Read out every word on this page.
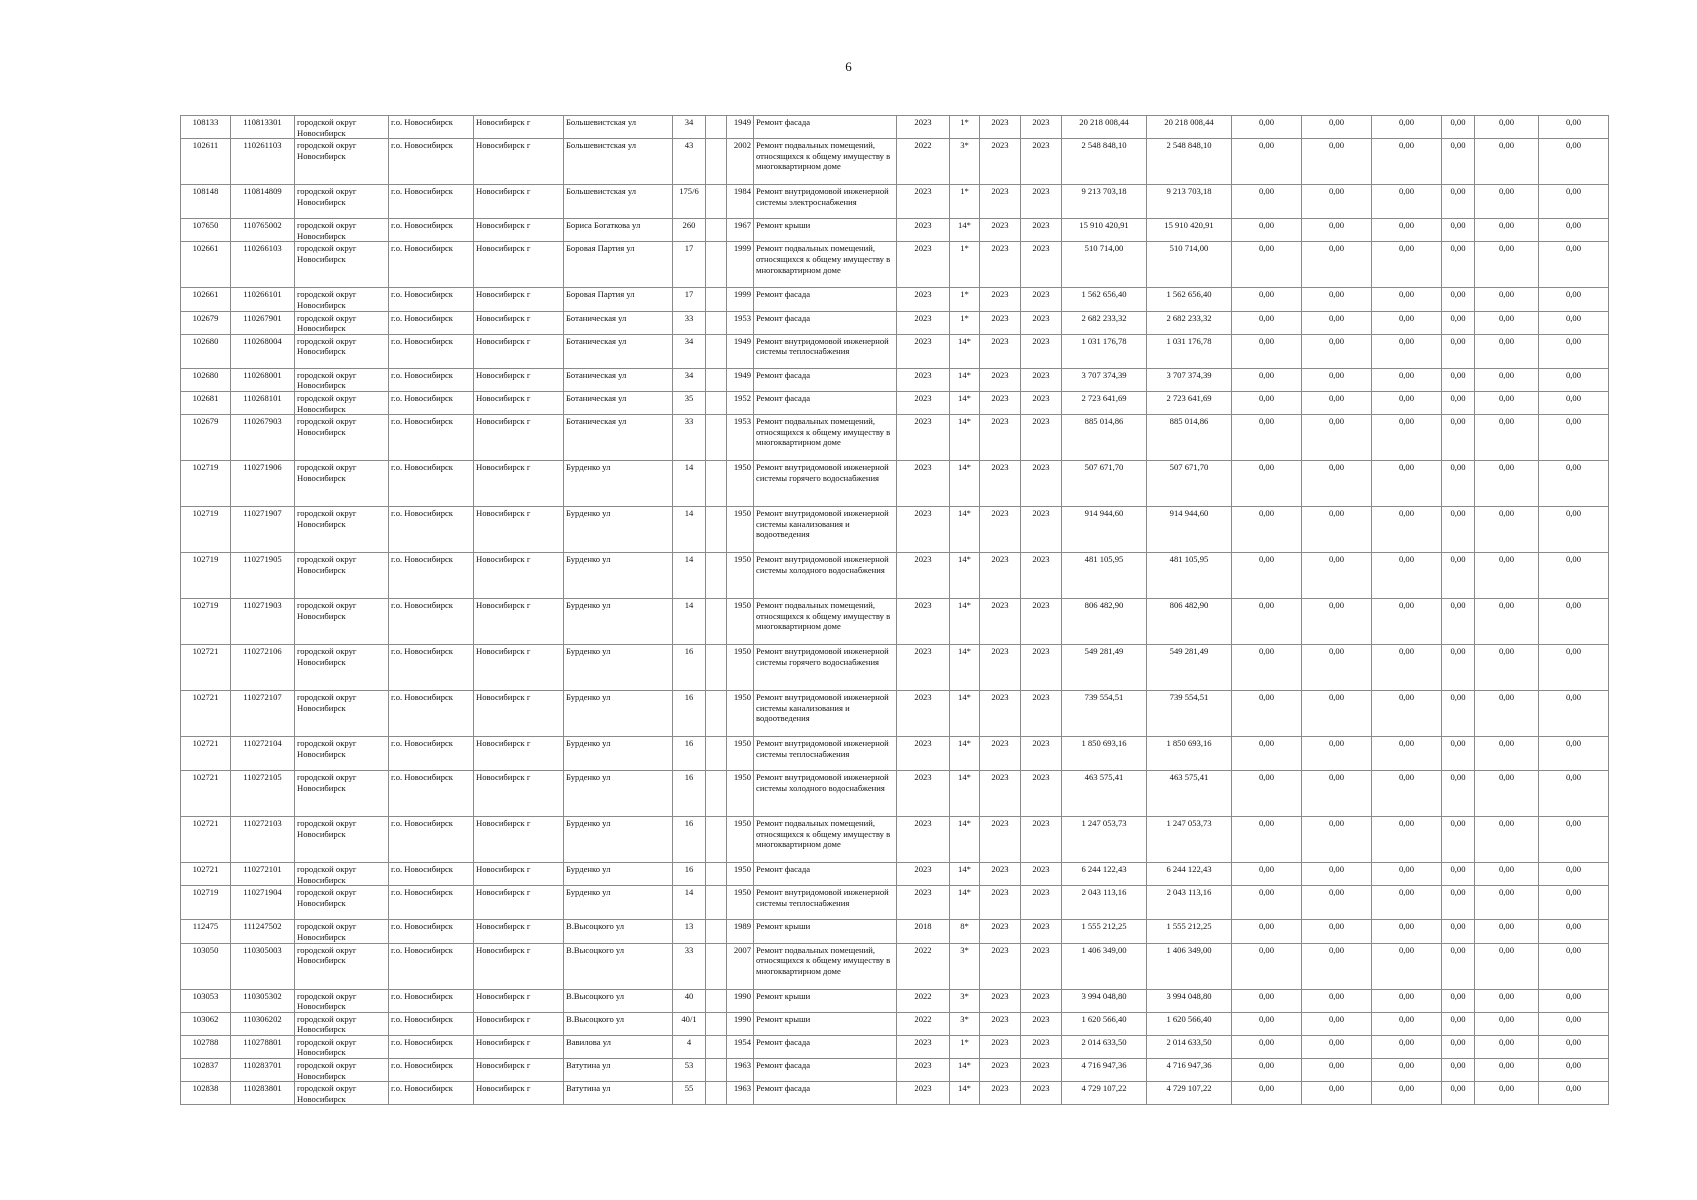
6
108133	110813301	городской округ Новосибирск	г.о. Новосибирск	Новосибирск г	Большевистская ул	34		1949	Ремонт фасада	2023	1*	2023	2023	20 218 008,44	20 218 008,44	0,00	0,00	0,00	0,00	0,00	0,00
102611	110261103	городской округ Новосибирск	г.о. Новосибирск	Новосибирск г	Большевистская ул	43		2002	Ремонт подвальных помещений, относящихся к общему имуществу в многоквартирном доме	2022	3*	2023	2023	2 548 848,10	2 548 848,10	0,00	0,00	0,00	0,00	0,00	0,00
108148	110814809	городской округ Новосибирск	г.о. Новосибирск	Новосибирск г	Большевистская ул	175/6		1984	Ремонт внутридомовой инженерной системы электроснабжения	2023	1*	2023	2023	9 213 703,18	9 213 703,18	0,00	0,00	0,00	0,00	0,00	0,00
107650	110765002	городской округ Новосибирск	г.о. Новосибирск	Новосибирск г	Бориса Богаткова ул	260		1967	Ремонт крыши	2023	14*	2023	2023	15 910 420,91	15 910 420,91	0,00	0,00	0,00	0,00	0,00	0,00
102661	110266103	городской округ Новосибирск	г.о. Новосибирск	Новосибирск г	Боровая Партия ул	17		1999	Ремонт подвальных помещений, относящихся к общему имуществу в многоквартирном доме	2023	1*	2023	2023	510 714,00	510 714,00	0,00	0,00	0,00	0,00	0,00	0,00
102661	110266101	городской округ Новосибирск	г.о. Новосибирск	Новосибирск г	Боровая Партия ул	17		1999	Ремонт фасада	2023	1*	2023	2023	1 562 656,40	1 562 656,40	0,00	0,00	0,00	0,00	0,00	0,00
102679	110267901	городской округ Новосибирск	г.о. Новосибирск	Новосибирск г	Ботаническая ул	33		1953	Ремонт фасада	2023	1*	2023	2023	2 682 233,32	2 682 233,32	0,00	0,00	0,00	0,00	0,00	0,00
102680	110268004	городской округ Новосибирск	г.о. Новосибирск	Новосибирск г	Ботаническая ул	34		1949	Ремонт внутридомовой инженерной системы теплоснабжения	2023	14*	2023	2023	1 031 176,78	1 031 176,78	0,00	0,00	0,00	0,00	0,00	0,00
102680	110268001	городской округ Новосибирск	г.о. Новосибирск	Новосибирск г	Ботаническая ул	34		1949	Ремонт фасада	2023	14*	2023	2023	3 707 374,39	3 707 374,39	0,00	0,00	0,00	0,00	0,00	0,00
102681	110268101	городской округ Новосибирск	г.о. Новосибирск	Новосибирск г	Ботаническая ул	35		1952	Ремонт фасада	2023	14*	2023	2023	2 723 641,69	2 723 641,69	0,00	0,00	0,00	0,00	0,00	0,00
102679	110267903	городской округ Новосибирск	г.о. Новосибирск	Новосибирск г	Ботаническая ул	33		1953	Ремонт подвальных помещений, относящихся к общему имуществу в многоквартирном доме	2023	14*	2023	2023	885 014,86	885 014,86	0,00	0,00	0,00	0,00	0,00	0,00
102719	110271906	городской округ Новосибирск	г.о. Новосибирск	Новосибирск г	Бурденко ул	14		1950	Ремонт внутридомовой инженерной системы горячего водоснабжения	2023	14*	2023	2023	507 671,70	507 671,70	0,00	0,00	0,00	0,00	0,00	0,00
102719	110271907	городской округ Новосибирск	г.о. Новосибирск	Новосибирск г	Бурденко ул	14		1950	Ремонт внутридомовой инженерной системы канализования и водоотведения	2023	14*	2023	2023	914 944,60	914 944,60	0,00	0,00	0,00	0,00	0,00	0,00
102719	110271905	городской округ Новосибирск	г.о. Новосибирск	Новосибирск г	Бурденко ул	14		1950	Ремонт внутридомовой инженерной системы холодного водоснабжения	2023	14*	2023	2023	481 105,95	481 105,95	0,00	0,00	0,00	0,00	0,00	0,00
102719	110271903	городской округ Новосибирск	г.о. Новосибирск	Новосибирск г	Бурденко ул	14		1950	Ремонт подвальных помещений, относящихся к общему имуществу в многоквартирном доме	2023	14*	2023	2023	806 482,90	806 482,90	0,00	0,00	0,00	0,00	0,00	0,00
102721	110272106	городской округ Новосибирск	г.о. Новосибирск	Новосибирск г	Бурденко ул	16		1950	Ремонт внутридомовой инженерной системы горячего водоснабжения	2023	14*	2023	2023	549 281,49	549 281,49	0,00	0,00	0,00	0,00	0,00	0,00
102721	110272107	городской округ Новосибирск	г.о. Новосибирск	Новосибирск г	Бурденко ул	16		1950	Ремонт внутридомовой инженерной системы канализования и водоотведения	2023	14*	2023	2023	739 554,51	739 554,51	0,00	0,00	0,00	0,00	0,00	0,00
102721	110272104	городской округ Новосибирск	г.о. Новосибирск	Новосибирск г	Бурденко ул	16		1950	Ремонт внутридомовой инженерной системы теплоснабжения	2023	14*	2023	2023	1 850 693,16	1 850 693,16	0,00	0,00	0,00	0,00	0,00	0,00
102721	110272105	городской округ Новосибирск	г.о. Новосибирск	Новосибирск г	Бурденко ул	16		1950	Ремонт внутридомовой инженерной системы холодного водоснабжения	2023	14*	2023	2023	463 575,41	463 575,41	0,00	0,00	0,00	0,00	0,00	0,00
102721	110272103	городской округ Новосибирск	г.о. Новосибирск	Новосибирск г	Бурденко ул	16		1950	Ремонт подвальных помещений, относящихся к общему имуществу в многоквартирном доме	2023	14*	2023	2023	1 247 053,73	1 247 053,73	0,00	0,00	0,00	0,00	0,00	0,00
102721	110272101	городской округ Новосибирск	г.о. Новосибирск	Новосибирск г	Бурденко ул	16		1950	Ремонт фасада	2023	14*	2023	2023	6 244 122,43	6 244 122,43	0,00	0,00	0,00	0,00	0,00	0,00
102719	110271904	городской округ Новосибирск	г.о. Новосибирск	Новосибирск г	Бурденко ул	14		1950	Ремонт внутридомовой инженерной системы теплоснабжения	2023	14*	2023	2023	2 043 113,16	2 043 113,16	0,00	0,00	0,00	0,00	0,00	0,00
112475	111247502	городской округ Новосибирск	г.о. Новосибирск	Новосибирск г	В.Высоцкого ул	13		1989	Ремонт крыши	2018	8*	2023	2023	1 555 212,25	1 555 212,25	0,00	0,00	0,00	0,00	0,00	0,00
103050	110305003	городской округ Новосибирск	г.о. Новосибирск	Новосибирск г	В.Высоцкого ул	33		2007	Ремонт подвальных помещений, относящихся к общему имуществу в многоквартирном доме	2022	3*	2023	2023	1 406 349,00	1 406 349,00	0,00	0,00	0,00	0,00	0,00	0,00
103053	110305302	городской округ Новосибирск	г.о. Новосибирск	Новосибирск г	В.Высоцкого ул	40		1990	Ремонт крыши	2022	3*	2023	2023	3 994 048,80	3 994 048,80	0,00	0,00	0,00	0,00	0,00	0,00
103062	110306202	городской округ Новосибирск	г.о. Новосибирск	Новосибирск г	В.Высоцкого ул	40/1		1990	Ремонт крыши	2022	3*	2023	2023	1 620 566,40	1 620 566,40	0,00	0,00	0,00	0,00	0,00	0,00
102788	110278801	городской округ Новосибирск	г.о. Новосибирск	Новосибирск г	Вавилова ул	4		1954	Ремонт фасада	2023	1*	2023	2023	2 014 633,50	2 014 633,50	0,00	0,00	0,00	0,00	0,00	0,00
102837	110283701	городской округ Новосибирск	г.о. Новосибирск	Новосибирск г	Ватутина ул	53		1963	Ремонт фасада	2023	14*	2023	2023	4 716 947,36	4 716 947,36	0,00	0,00	0,00	0,00	0,00	0,00
102838	110283801	городской округ Новосибирск	г.о. Новосибирск	Новосибирск г	Ватутина ул	55		1963	Ремонт фасада	2023	14*	2023	2023	4 729 107,22	4 729 107,22	0,00	0,00	0,00	0,00	0,00	0,00
